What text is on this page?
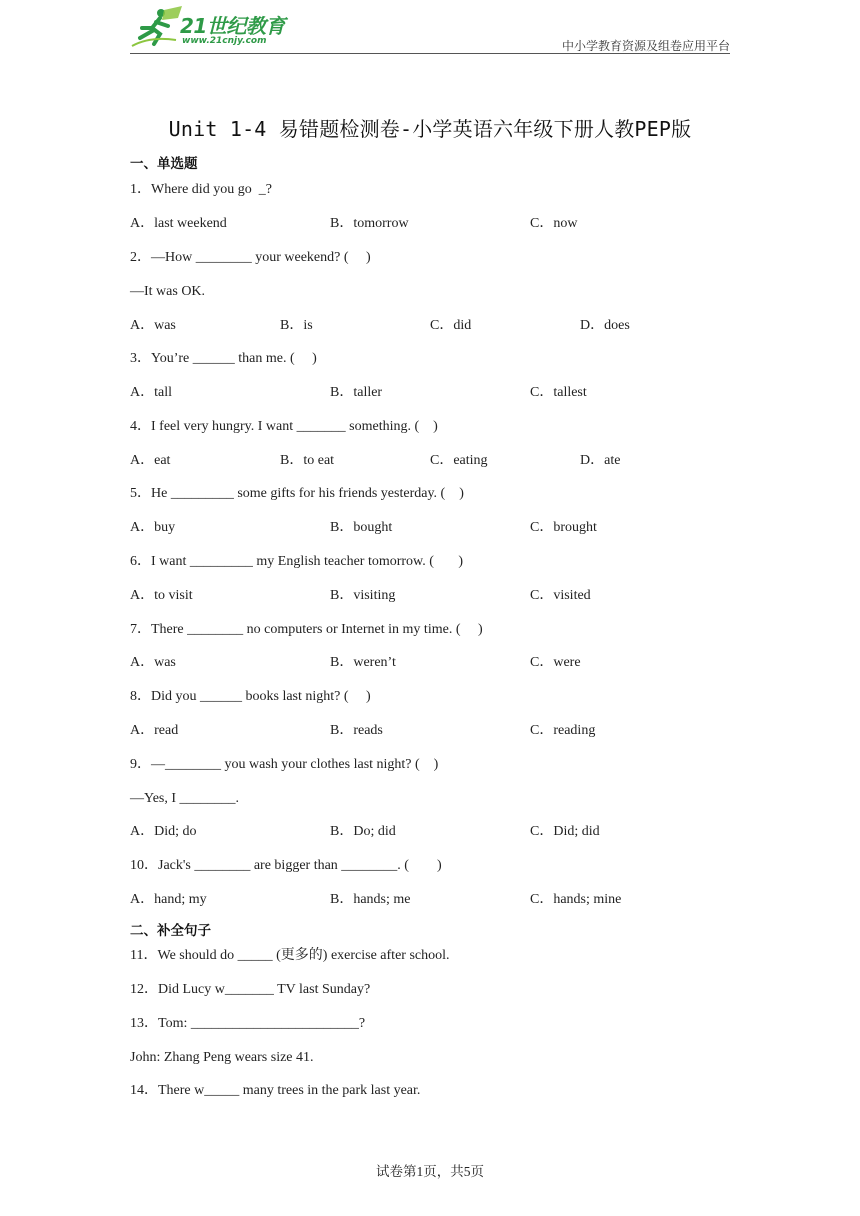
21世纪教育
www.21cnjy.com	中小学教育资源及组卷应用平台
Unit 1-4 易错题检测卷-小学英语六年级下册人教PEP版
一、单选题
1．Where did you go  _?
A．last weekend	B．tomorrow	C．now
2．—How ________ your weekend? (     )
—It was OK.
A．was	B．is	C．did	D．does
3．You’re ______ than me. (     )
A．tall	B．taller	C．tallest
4．I feel very hungry. I want _______ something. (    )
A．eat	B．to eat	C．eating	D．ate
5．He _________ some gifts for his friends yesterday. (    )
A．buy	B．bought	C．brought
6．I want _________ my English teacher tomorrow. (       )
A．to visit	B．visiting	C．visited
7．There ________ no computers or Internet in my time. (     )
A．was	B．weren’t	C．were
8．Did you ______ books last night? (     )
A．read	B．reads	C．reading
9．—________ you wash your clothes last night? (    )
—Yes, I ________.
A．Did; do	B．Do; did	C．Did; did
10．Jack's ________ are bigger than ________. (        )
A．hand; my	B．hands; me	C．hands; mine
二、补全句子
11．We should do _____ (更多的) exercise after school.
12．Did Lucy w_______ TV last Sunday?
13．Tom: ________________________?
John: Zhang Peng wears size 41.
14．There w_____ many trees in the park last year.
试卷第1页，共5页
